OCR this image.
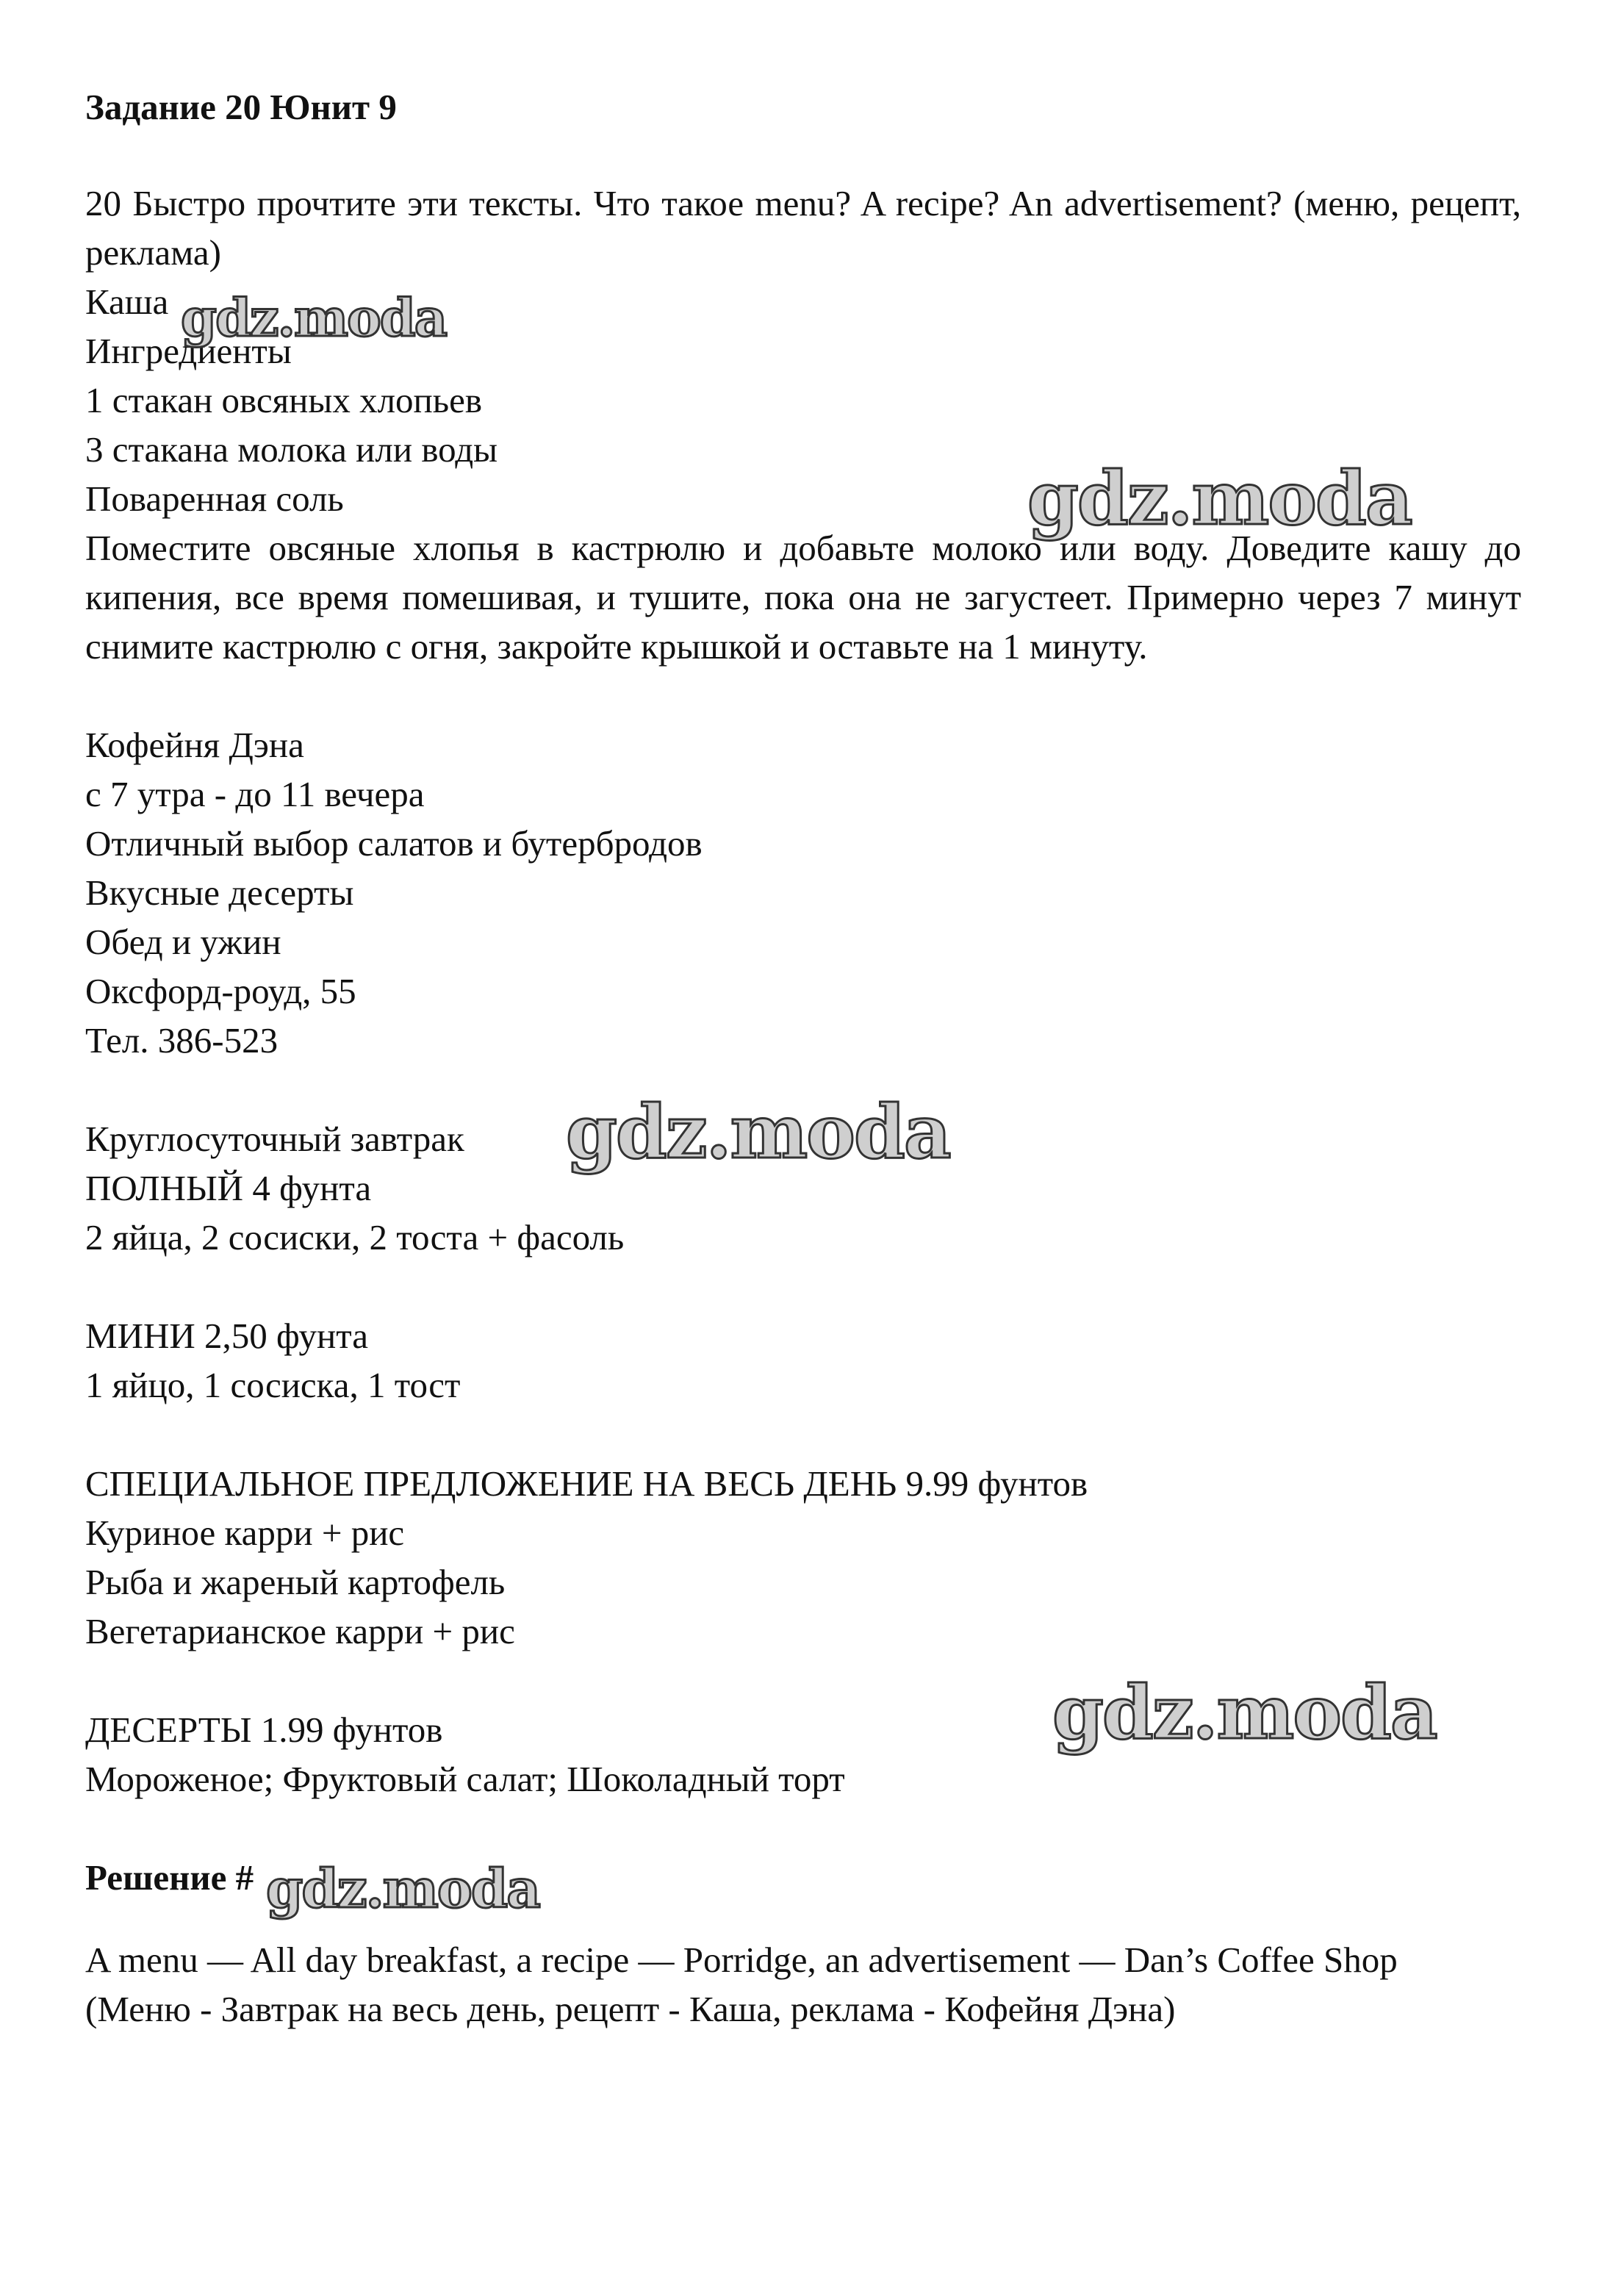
Задание 20 Юнит 9

20 Быстро прочтите эти тексты. Что такое menu? A recipe? An advertisement? (меню, рецепт, реклама)

Каша

Ингредиенты

1 стакан овсяных хлопьев

3 стакана молока или воды

Поваренная соль

Поместите овсяные хлопья в кастрюлю и добавьте молоко или воду. Доведите кашу до кипения, все время помешивая, и тушите, пока она не загустеет. Примерно через 7 минут снимите кастрюлю с огня, закройте крышкой и оставьте на 1 минуту.

Кофейня Дэна

с 7 утра - до 11 вечера

Отличный выбор салатов и бутербродов

Вкусные десерты

Обед и ужин

Оксфорд-роуд, 55

Тел. 386-523

Круглосуточный завтрак

ПОЛНЫЙ 4 фунта

2 яйца, 2 сосиски, 2 тоста + фасоль

МИНИ 2,50 фунта

1 яйцо, 1 сосиска, 1 тост

СПЕЦИАЛЬНОЕ ПРЕДЛОЖЕНИЕ НА ВЕСЬ ДЕНЬ 9.99 фунтов

Куриное карри + рис

Рыба и жареный картофель

Вегетарианское карри + рис

ДЕСЕРТЫ 1.99 фунтов

Мороженое; Фруктовый салат; Шоколадный торт

Решение #

A menu — All day breakfast, a recipe — Porridge, an advertisement — Dan’s Coffee Shop

(Меню - Завтрак на весь день, рецепт - Каша, реклама - Кофейня Дэна)

gdz.moda
gdz.moda
gdz.moda
gdz.moda
gdz.moda
